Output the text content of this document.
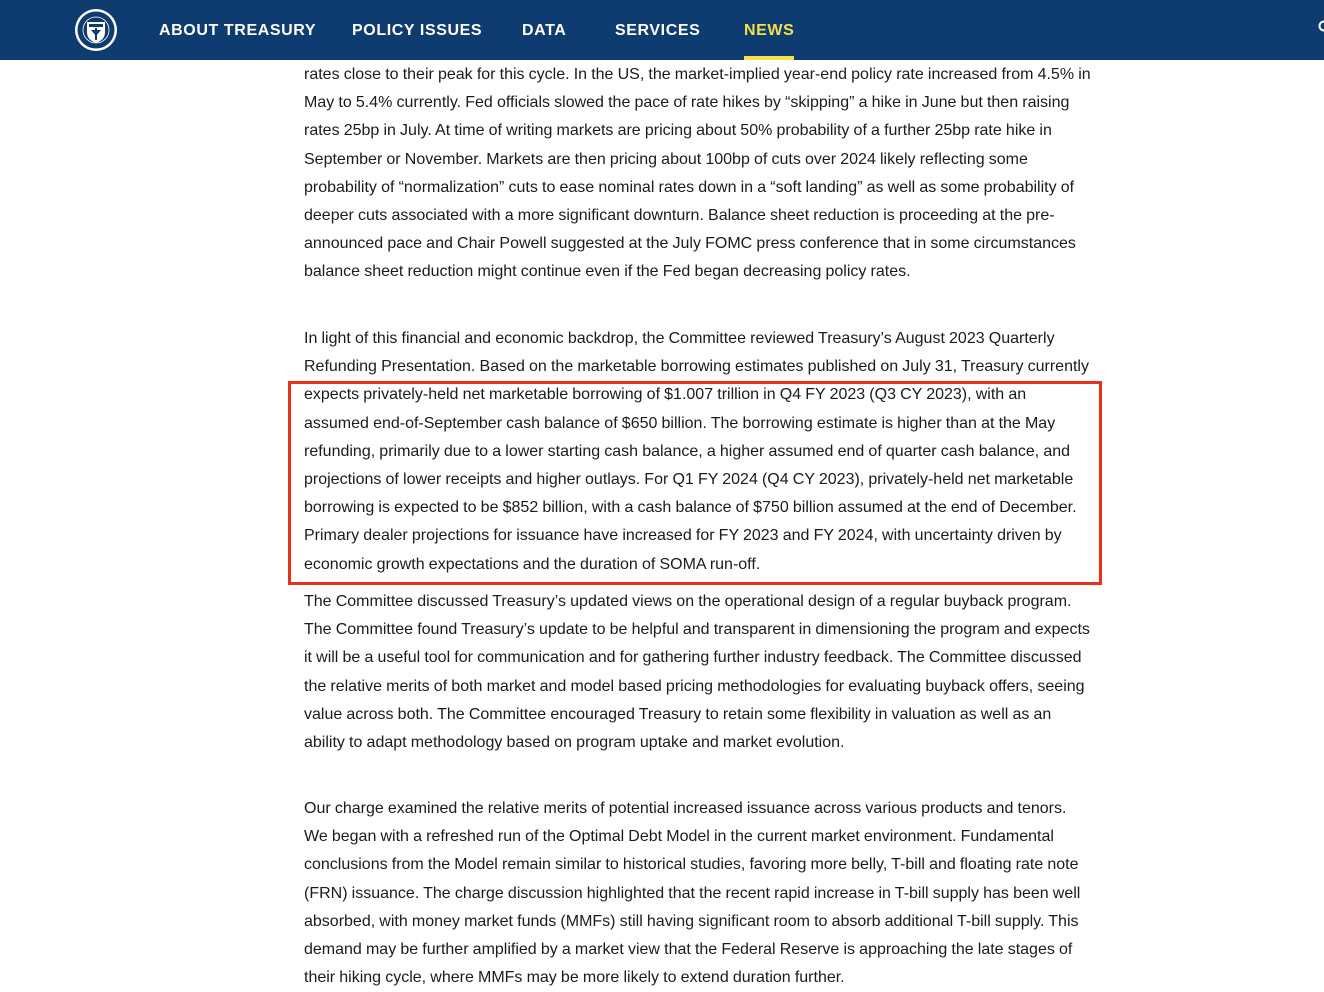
ABOUT TREASURY POLICY ISSUES DATA	SERVICES	NEWS

rates close to their peak for this cycle. In the US, the market-implied year-end policy rate increased from 4.5% in May to 5.4% currently. Fed officials slowed the pace of rate hikes by “skipping” a hike in June but then raising rates 25bp in July. At time of writing markets are pricing about 50% probability of a further 25bp rate hike in September or November. Markets are then pricing about 100bp of cuts over 2024 likely reflecting some probability of “normalization” cuts to ease nominal rates down in a “soft landing” as well as some probability of deeper cuts associated with a more significant downturn. Balance sheet reduction is proceeding at the pre-announced pace and Chair Powell suggested at the July FOMC press conference that in some circumstances balance sheet reduction might continue even if the Fed began decreasing policy rates.

In light of this financial and economic backdrop, the Committee reviewed Treasury’s August 2023 Quarterly Refunding Presentation. Based on the marketable borrowing estimates published on July 31, Treasury currently expects privately-held net marketable borrowing of $1.007 trillion in Q4 FY 2023 (Q3 CY 2023), with an assumed end-of-September cash balance of $650 billion. The borrowing estimate is higher than at the May refunding, primarily due to a lower starting cash balance, a higher assumed end of quarter cash balance, and projections of lower receipts and higher outlays. For Q1 FY 2024 (Q4 CY 2023), privately-held net marketable borrowing is expected to be $852 billion, with a cash balance of $750 billion assumed at the end of December. Primary dealer projections for issuance have increased for FY 2023 and FY 2024, with uncertainty driven by economic growth expectations and the duration of SOMA run-off.

The Committee discussed Treasury’s updated views on the operational design of a regular buyback program. The Committee found Treasury’s update to be helpful and transparent in dimensioning the program and expects it will be a useful tool for communication and for gathering further industry feedback. The Committee discussed the relative merits of both market and model based pricing methodologies for evaluating buyback offers, seeing value across both. The Committee encouraged Treasury to retain some flexibility in valuation as well as an ability to adapt methodology based on program uptake and market evolution.

Our charge examined the relative merits of potential increased issuance across various products and tenors. We began with a refreshed run of the Optimal Debt Model in the current market environment. Fundamental conclusions from the Model remain similar to historical studies, favoring more belly, T-bill and floating rate note (FRN) issuance. The charge discussion highlighted that the recent rapid increase in T-bill supply has been well absorbed, with money market funds (MMFs) still having significant room to absorb additional T-bill supply. This demand may be further amplified by a market view that the Federal Reserve is approaching the late stages of their hiking cycle, where MMFs may be more likely to extend duration further.
